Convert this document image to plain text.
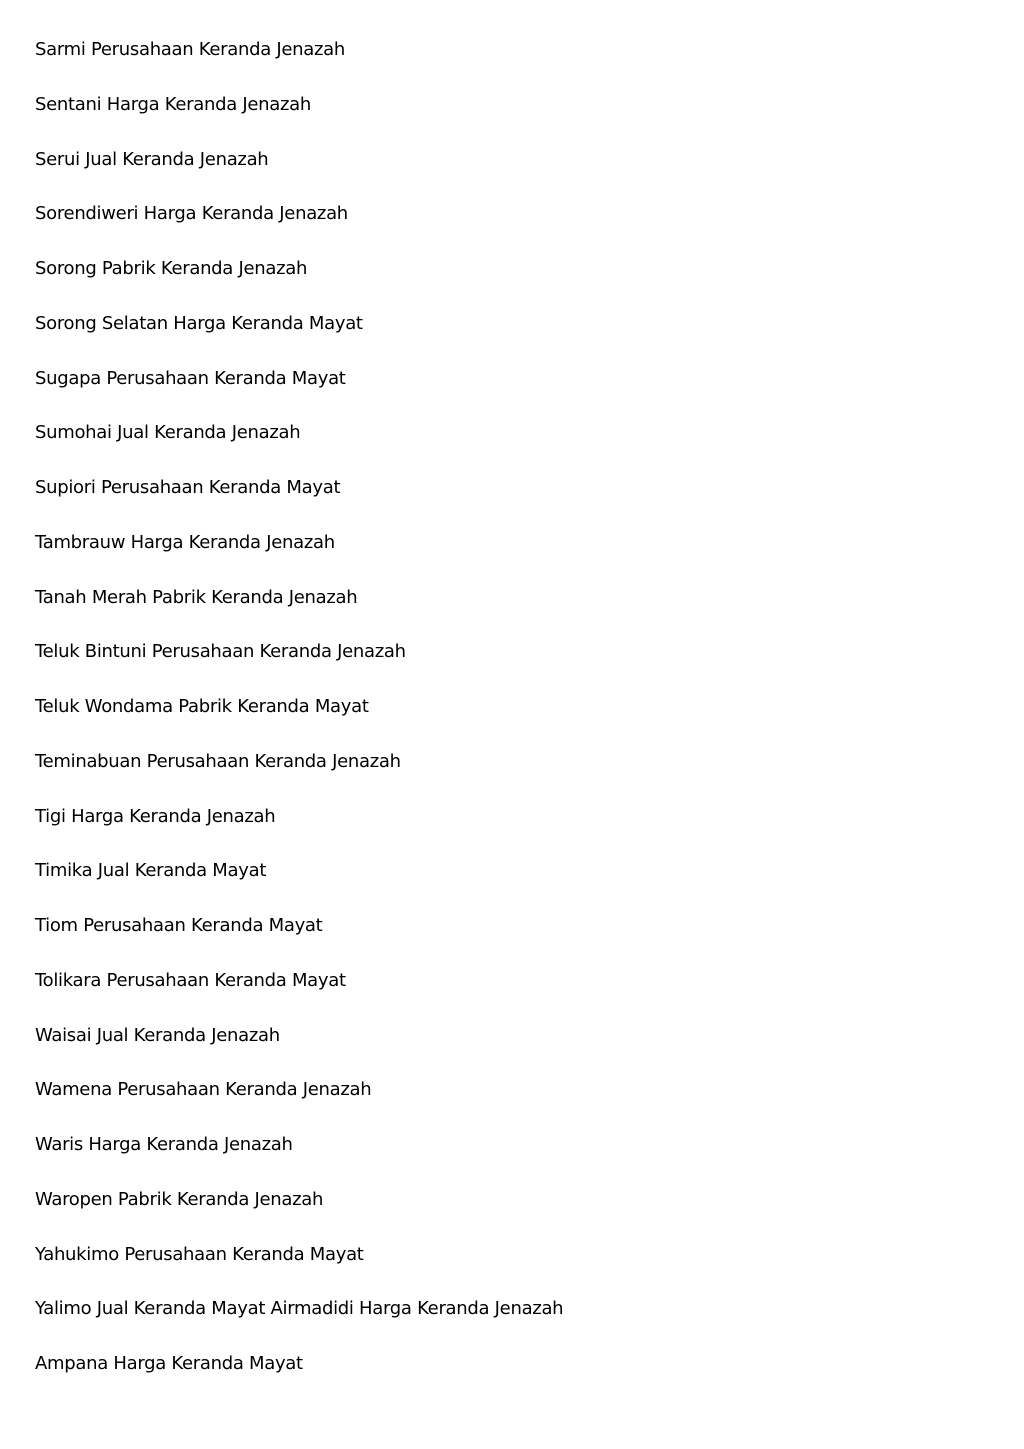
Sarmi Perusahaan Keranda Jenazah
Sentani Harga Keranda Jenazah
Serui Jual Keranda Jenazah
Sorendiweri Harga Keranda Jenazah
Sorong Pabrik Keranda Jenazah
Sorong Selatan Harga Keranda Mayat
Sugapa Perusahaan Keranda Mayat
Sumohai Jual Keranda Jenazah
Supiori Perusahaan Keranda Mayat
Tambrauw Harga Keranda Jenazah
Tanah Merah Pabrik Keranda Jenazah
Teluk Bintuni Perusahaan Keranda Jenazah
Teluk Wondama Pabrik Keranda Mayat
Teminabuan Perusahaan Keranda Jenazah
Tigi Harga Keranda Jenazah
Timika Jual Keranda Mayat
Tiom Perusahaan Keranda Mayat
Tolikara Perusahaan Keranda Mayat
Waisai Jual Keranda Jenazah
Wamena Perusahaan Keranda Jenazah
Waris Harga Keranda Jenazah
Waropen Pabrik Keranda Jenazah
Yahukimo Perusahaan Keranda Mayat
Yalimo Jual Keranda Mayat Airmadidi Harga Keranda Jenazah
Ampana Harga Keranda Mayat
